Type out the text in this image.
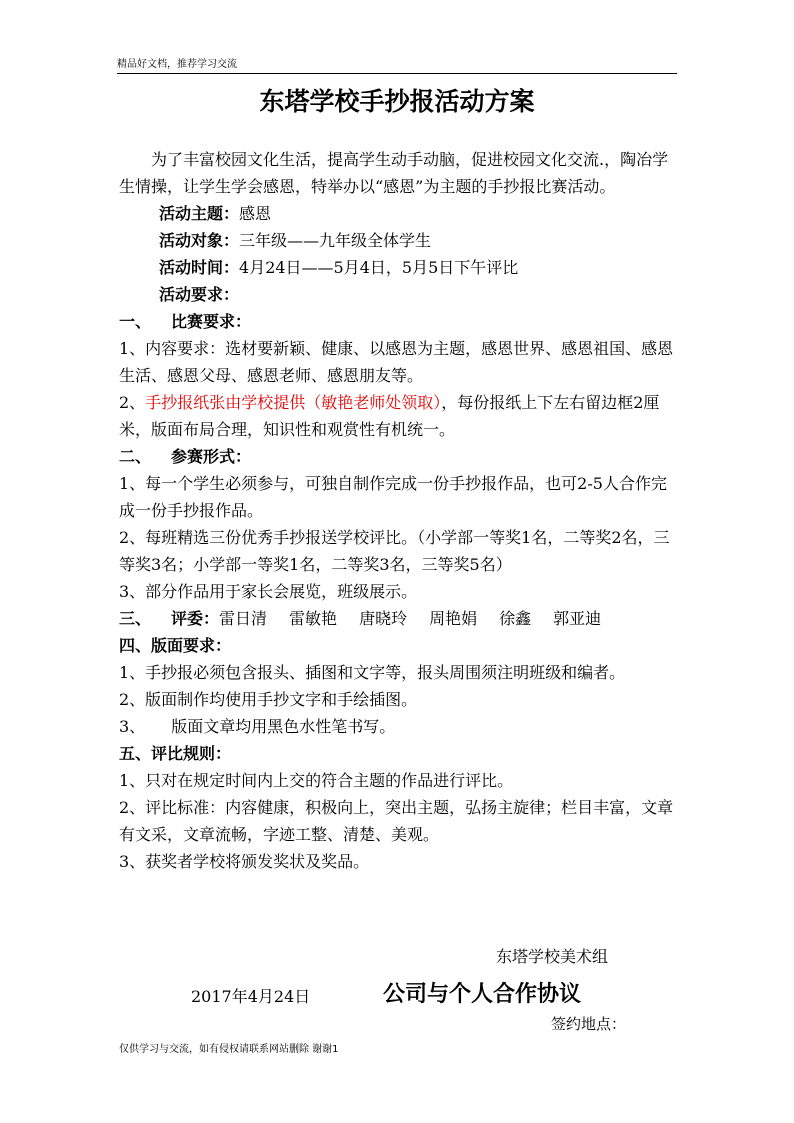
精品好文档，推荐学习交流
东塔学校手抄报活动方案

为了丰富校园文化生活，提高学生动手动脑，促进校园文化交流.，陶冶学生情操，让学生学会感恩，特举办以“感恩”为主题的手抄报比赛活动。

活动主题：感恩

活动对象：三年级——九年级全体学生

活动时间：4月24日——5月4日，5月5日下午评比

活动要求：

一、 比赛要求：

1、内容要求：选材要新颖、健康、以感恩为主题，感恩世界、感恩祖国、感恩生活、感恩父母、感恩老师、感恩朋友等。

2、手抄报纸张由学校提供（敏艳老师处领取），每份报纸上下左右留边框2厘米，版面布局合理，知识性和观赏性有机统一。

二、 参赛形式：

1、每一个学生必须参与，可独自制作完成一份手抄报作品，也可2-5人合作完成一份手抄报作品。

2、每班精选三份优秀手抄报送学校评比。（小学部一等奖1名，二等奖2名，三等奖3名；小学部一等奖1名，二等奖3名，三等奖5名）

3、部分作品用于家长会展览，班级展示。

三、 评委：雷日清 雷敏艳 唐晓玲 周艳娟 徐鑫 郭亚迪

四、版面要求：

1、手抄报必须包含报头、插图和文字等，报头周围须注明班级和编者。

2、版面制作均使用手抄文字和手绘插图。

3、 版面文章均用黑色水性笔书写。

五、评比规则：

1、只对在规定时间内上交的符合主题的作品进行评比。

2、评比标准：内容健康，积极向上，突出主题，弘扬主旋律；栏目丰富，文章有文采，文章流畅，字迹工整、清楚、美观。

3、获奖者学校将颁发奖状及奖品。

东塔学校美术组
2017年4月24日	公司与个人合作协议
签约地点：
仅供学习与交流，如有侵权请联系网站删除 谢谢1
